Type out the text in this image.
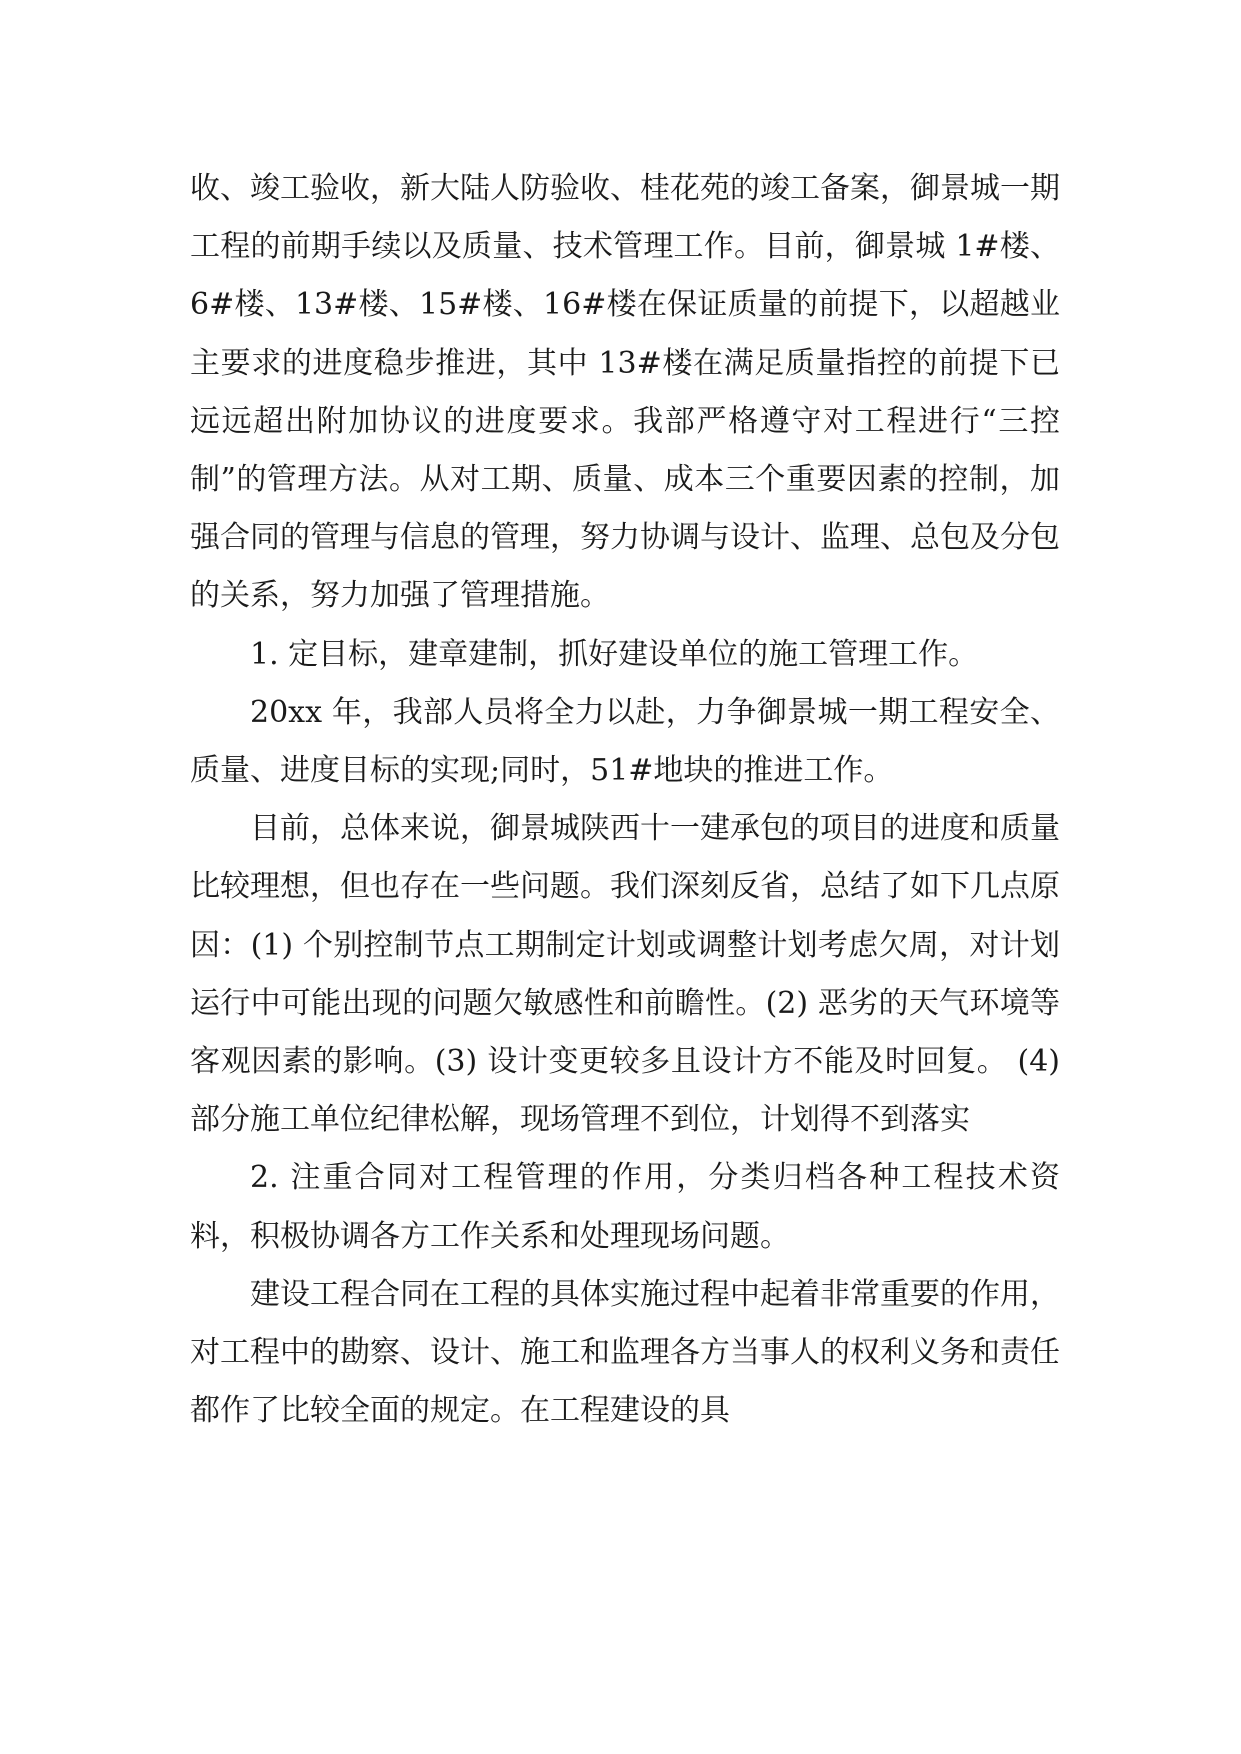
收、竣工验收，新大陆人防验收、桂花苑的竣工备案，御景城一期工程的前期手续以及质量、技术管理工作。目前，御景城 1#楼、6#楼、13#楼、15#楼、16#楼在保证质量的前提下，以超越业主要求的进度稳步推进，其中 13#楼在满足质量指控的前提下已远远超出附加协议的进度要求。我部严格遵守对工程进行“三控制”的管理方法。从对工期、质量、成本三个重要因素的控制，加强合同的管理与信息的管理，努力协调与设计、监理、总包及分包的关系，努力加强了管理措施。

1. 定目标，建章建制，抓好建设单位的施工管理工作。

20xx 年，我部人员将全力以赴，力争御景城一期工程安全、质量、进度目标的实现;同时，51#地块的推进工作。

目前，总体来说，御景城陕西十一建承包的项目的进度和质量比较理想，但也存在一些问题。我们深刻反省，总结了如下几点原因：(1) 个别控制节点工期制定计划或调整计划考虑欠周，对计划运行中可能出现的问题欠敏感性和前瞻性。(2) 恶劣的天气环境等客观因素的影响。(3) 设计变更较多且设计方不能及时回复。 (4) 部分施工单位纪律松解，现场管理不到位，计划得不到落实

2. 注重合同对工程管理的作用，分类归档各种工程技术资料，积极协调各方工作关系和处理现场问题。

建设工程合同在工程的具体实施过程中起着非常重要的作用，对工程中的勘察、设计、施工和监理各方当事人的权利义务和责任都作了比较全面的规定。在工程建设的具
